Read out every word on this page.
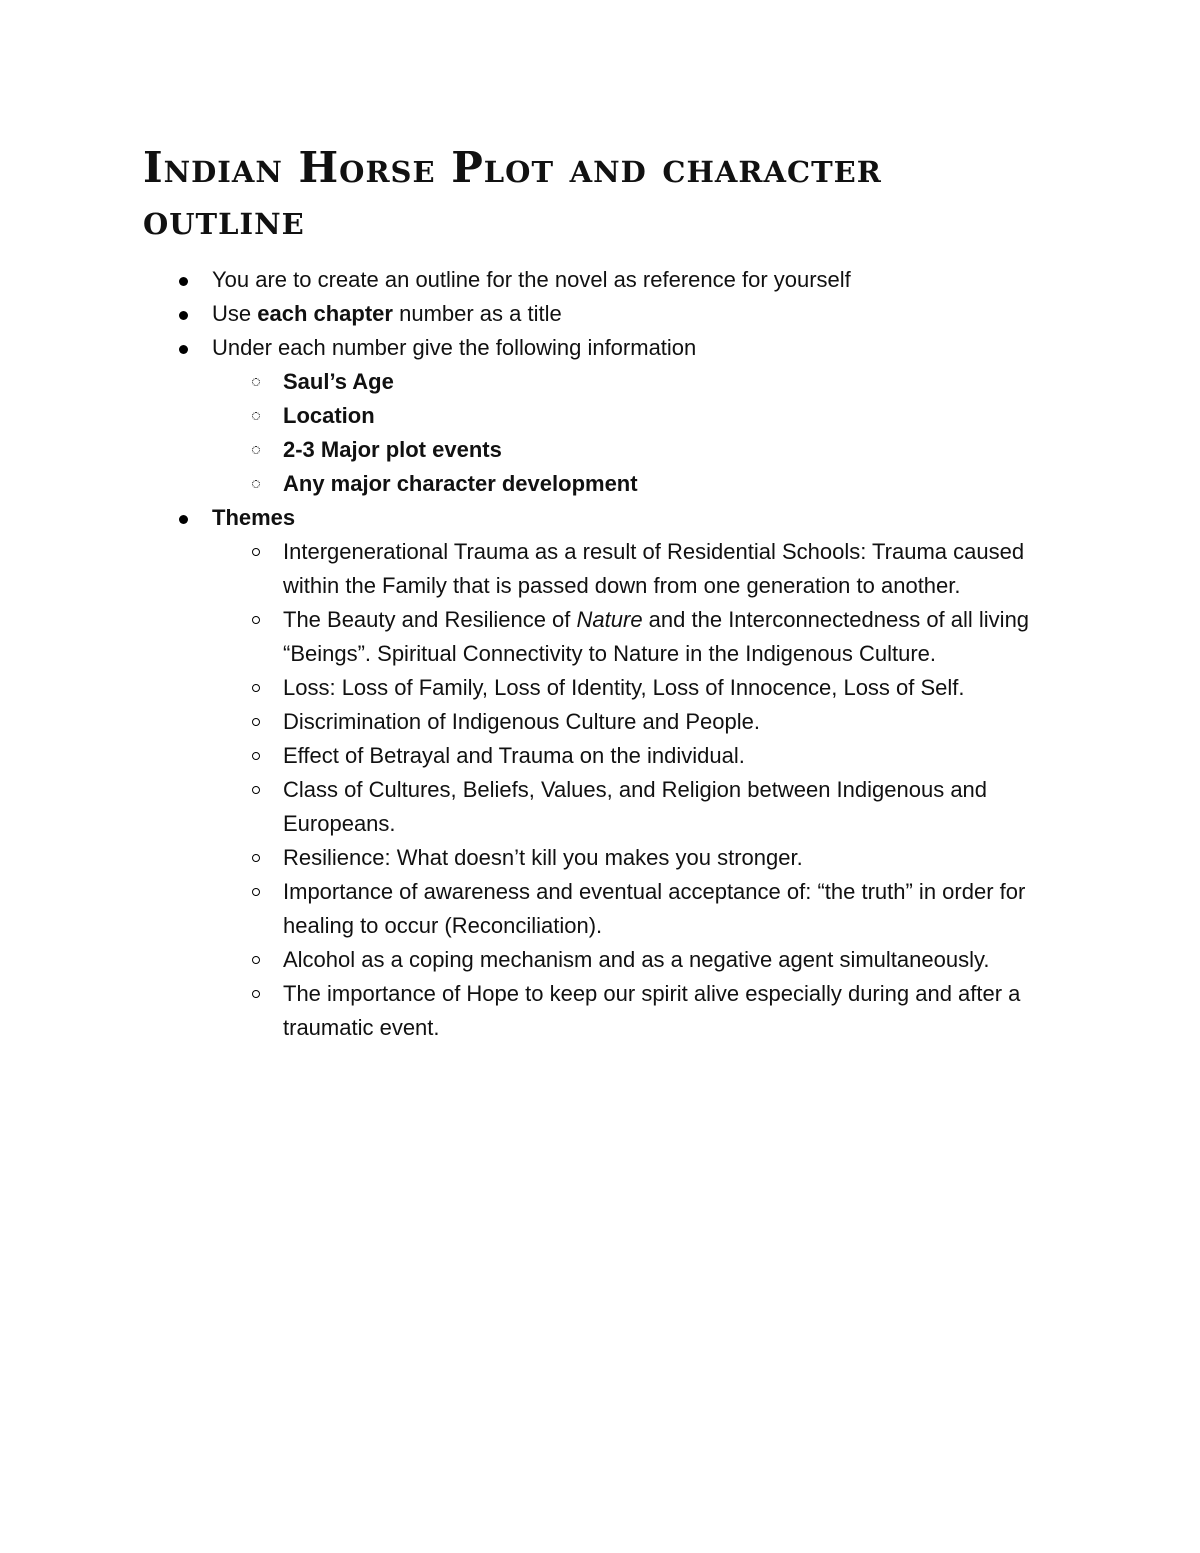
Indian Horse Plot and character outline
You are to create an outline for the novel as reference for yourself
Use each chapter number as a title
Under each number give the following information
Saul’s Age
Location
2-3 Major plot events
Any major character development
Themes
Intergenerational Trauma as a result of Residential Schools: Trauma caused within the Family that is passed down from one generation to another.
The Beauty and Resilience of Nature and the Interconnectedness of all living “Beings”. Spiritual Connectivity to Nature in the Indigenous Culture.
Loss: Loss of Family, Loss of Identity, Loss of Innocence, Loss of Self.
Discrimination of Indigenous Culture and People.
Effect of Betrayal and Trauma on the individual.
Class of Cultures, Beliefs, Values, and Religion between Indigenous and Europeans.
Resilience: What doesn’t kill you makes you stronger.
Importance of awareness and eventual acceptance of: “the truth” in order for healing to occur (Reconciliation).
Alcohol as a coping mechanism and as a negative agent simultaneously.
The importance of Hope to keep our spirit alive especially during and after a traumatic event.
